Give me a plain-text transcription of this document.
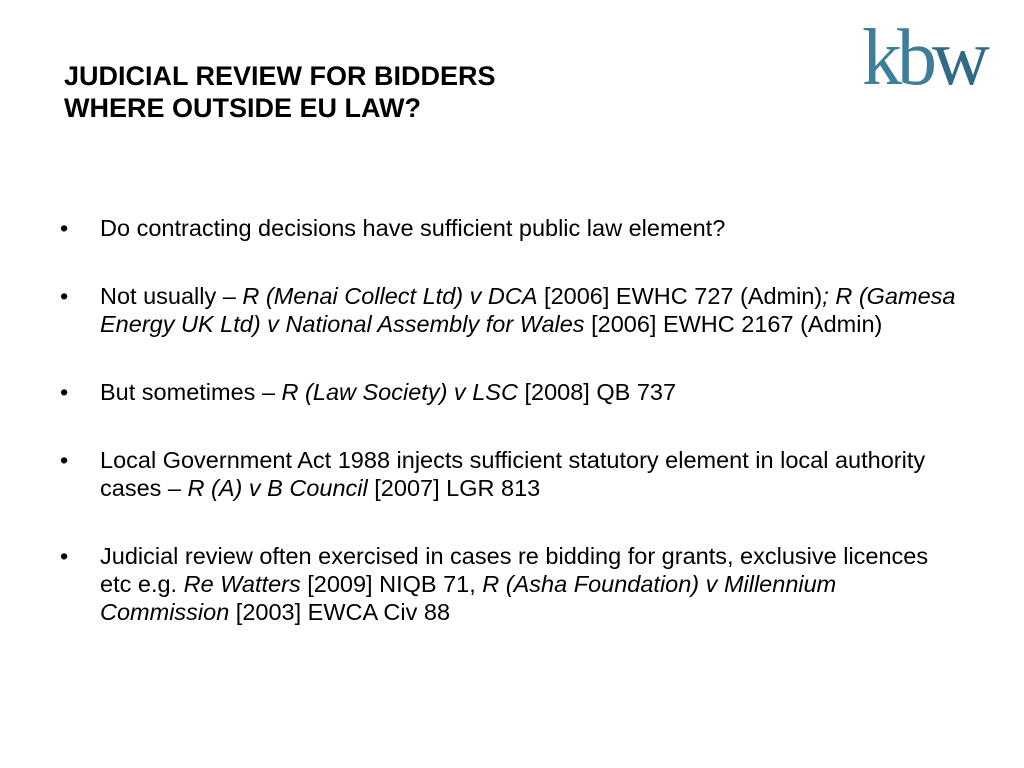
JUDICIAL REVIEW FOR BIDDERS
WHERE OUTSIDE EU LAW?
kbw
•	Do contracting decisions have sufficient public law element?
•	Not usually – R (Menai Collect Ltd) v DCA [2006] EWHC 727 (Admin); R (Gamesa Energy UK Ltd) v National Assembly for Wales [2006] EWHC 2167 (Admin)
•	But sometimes – R (Law Society) v LSC [2008] QB 737
•	Local Government Act 1988 injects sufficient statutory element in local authority cases – R (A) v B Council [2007] LGR 813
•	Judicial review often exercised in cases re bidding for grants, exclusive licences etc e.g. Re Watters [2009] NIQB 71, R (Asha Foundation) v Millennium Commission [2003] EWCA Civ 88
